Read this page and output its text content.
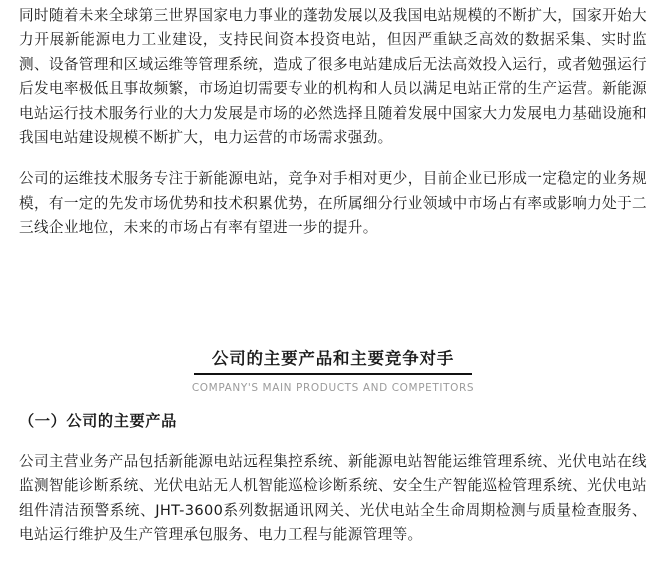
同时随着未来全球第三世界国家电力事业的蓬勃发展以及我国电站规模的不断扩大，国家开始大力开展新能源电力工业建设，支持民间资本投资电站，但因严重缺乏高效的数据采集、实时监测、设备管理和区域运维等管理系统，造成了很多电站建成后无法高效投入运行，或者勉强运行后发电率极低且事故频繁，市场迫切需要专业的机构和人员以满足电站正常的生产运营。新能源电站运行技术服务行业的大力发展是市场的必然选择且随着发展中国家大力发展电力基础设施和我国电站建设规模不断扩大，电力运营的市场需求强劲。

公司的运维技术服务专注于新能源电站，竞争对手相对更少，目前企业已形成一定稳定的业务规模，有一定的先发市场优势和技术积累优势，在所属细分行业领域中市场占有率或影响力处于二三线企业地位，未来的市场占有率有望进一步的提升。

公司的主要产品和主要竞争对手
COMPANY'S MAIN PRODUCTS AND COMPETITORS
（一）公司的主要产品

公司主营业务产品包括新能源电站远程集控系统、新能源电站智能运维管理系统、光伏电站在线监测智能诊断系统、光伏电站无人机智能巡检诊断系统、安全生产智能巡检管理系统、光伏电站组件清洁预警系统、JHT-3600系列数据通讯网关、光伏电站全生命周期检测与质量检查服务、电站运行维护及生产管理承包服务、电力工程与能源管理等。
